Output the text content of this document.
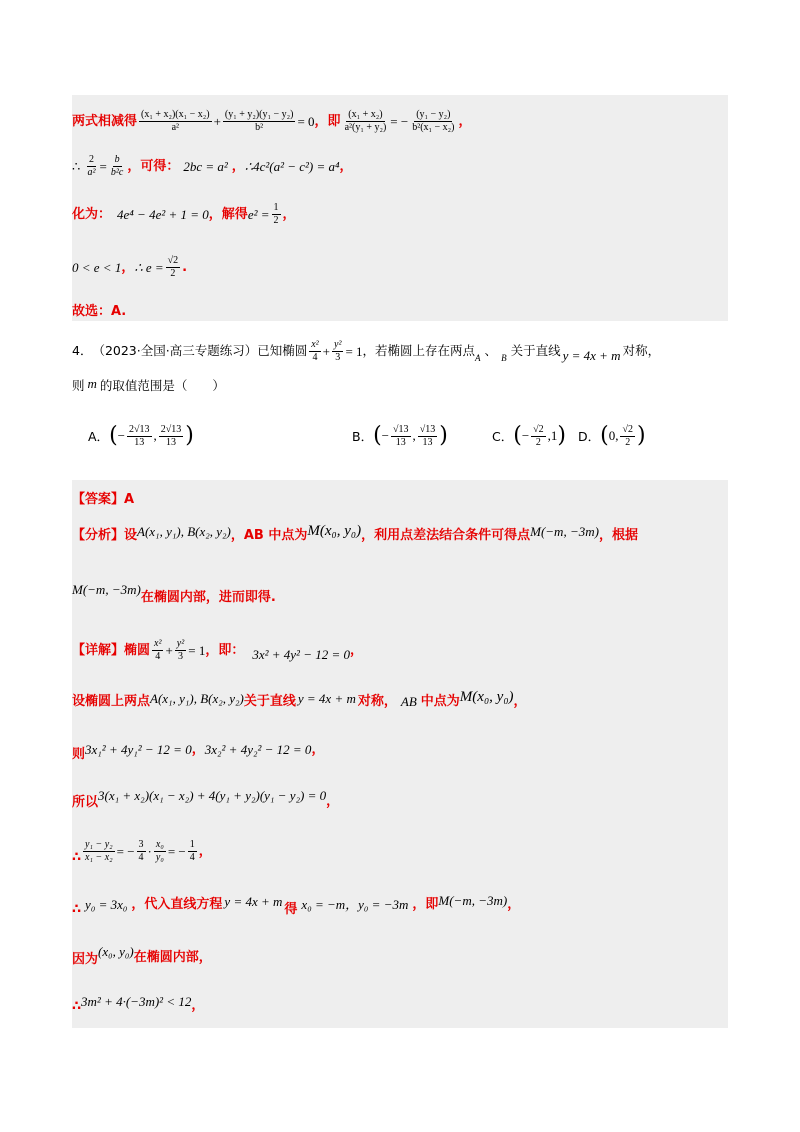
两式相减得 $\frac{\text{(x₁ + x₂)(x₁ − x₂)}}{\text{a²}} + \frac{\text{(y₁ + y₂)(y₁ − y₂)}}{\text{b²}} = 0$ ，即 $\frac{\text{(x₁ + x₂)}}{\text{a²(y₁ + y₂)}}$ = − $\frac{\text{(y₁ − y₂)}}{\text{b²(x₁ − x₂)}}$ ，
∴ $\frac{2}{\text{a²}} = \frac{b}{\text{b²c}}$ ，可得： 2bc = a² ， ∴4c²(a² − c²) = a⁴ ，
化为： 4e⁴ − 4e² + 1 = 0 ，解得 $e^2 = \frac{1}{2}$ ，
0 < e < 1 ， ∴ $e = \frac{√2}{2}$ .
故选：A.
4． （2023·全国·高三专题练习）已知椭圆 $\frac{\text{x²}}{4} + \frac{\text{y²}}{3} = 1$ ，若椭圆上存在两点 A 、 B 关于直线 y = 4x + m 对称，
则 m 的取值范围是（　　）
A． ( − $\frac{2√13}{13}$ , $\frac{2√13}{13}$ )	B． ( − $\frac{√13}{13}$ , $\frac{√13}{13}$ )	C． ( − $\frac{√2}{2} ,1$ ) D． ( 0, $\frac{√2}{2}$ )
【答案】A
【分析】设 A(x₁, y₁), B(x₂, y₂) ，AB 中点为 M(x₀, y₀) ，利用点差法结合条件可得点 M(−m, −3m) ，根据
M(−m, −3m)
在椭圆内部，进而即得.
【详解】椭圆 $\frac{\text{x²}}{4} + \frac{\text{y²}}{3} = 1$ ，即： 3x² + 4y² − 12 = 0 ，
设椭圆上两点 A(x₁, y₁), B(x₂, y₂) 关于直线 y = 4x + m 对称， AB 中点为 M(x₀, y₀) ，
则 3x₁² + 4y₁² − 12 = 0 ， 3x₂² + 4y₂² − 12 = 0 ，
所以 3(x₁ + x₂)(x₁ − x₂) + 4(y₁ + y₂)(y₁ − y₂) = 0 ，
∴ $\frac{\text{y₁ − y₂}}{\text{x₁ − x₂}}$ = − $\frac{3}{4} \cdot \frac{\text{x₀}}{\text{y₀}}$ = − $\frac{1}{4}$ ，
∴ y₀ = 3x₀ ，代入直线方程 y = 4x + m
得 x₀ = −m，y₀ = −3m ，即 M(−m, −3m) ，
因为
(x₀, y₀) 在椭圆内部，
∴ 3m² + 4·(−3m)² < 12 ，
